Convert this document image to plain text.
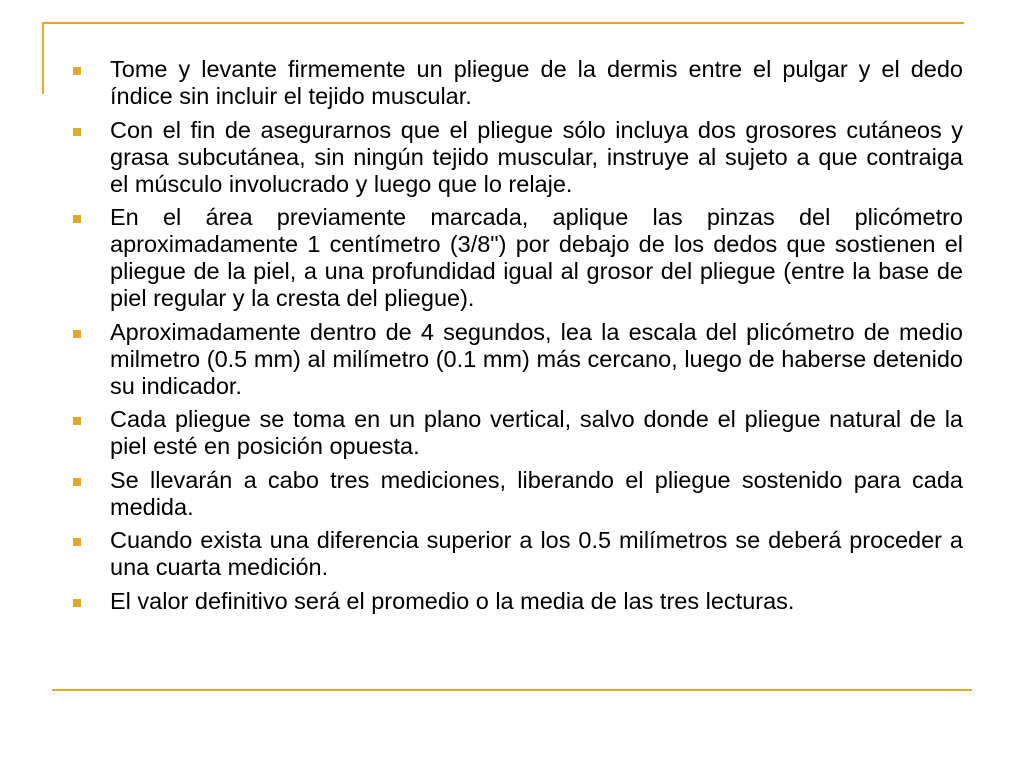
Tome y levante firmemente un pliegue de la dermis entre el pulgar y el dedo índice sin incluir el tejido muscular.
Con el fin de asegurarnos que el pliegue sólo incluya dos grosores cutáneos y grasa subcutánea, sin ningún tejido muscular, instruye al sujeto a que contraiga el músculo involucrado y luego que lo relaje.
En el área previamente marcada, aplique las pinzas del plicómetro aproximadamente 1 centímetro (3/8") por debajo de los dedos que sostienen el pliegue de la piel, a una profundidad igual al grosor del pliegue (entre la base de piel regular y la cresta del pliegue).
Aproximadamente dentro de 4 segundos, lea la escala del plicómetro de medio milmetro (0.5 mm) al milímetro (0.1 mm) más cercano, luego de haberse detenido su indicador.
Cada pliegue se toma en un plano vertical, salvo donde el pliegue natural de la piel esté en posición opuesta.
Se llevarán a cabo tres mediciones, liberando el pliegue sostenido para cada medida.
Cuando exista una diferencia superior a los 0.5 milímetros se deberá proceder a una cuarta medición.
El valor definitivo será el promedio o la media de las tres lecturas.
